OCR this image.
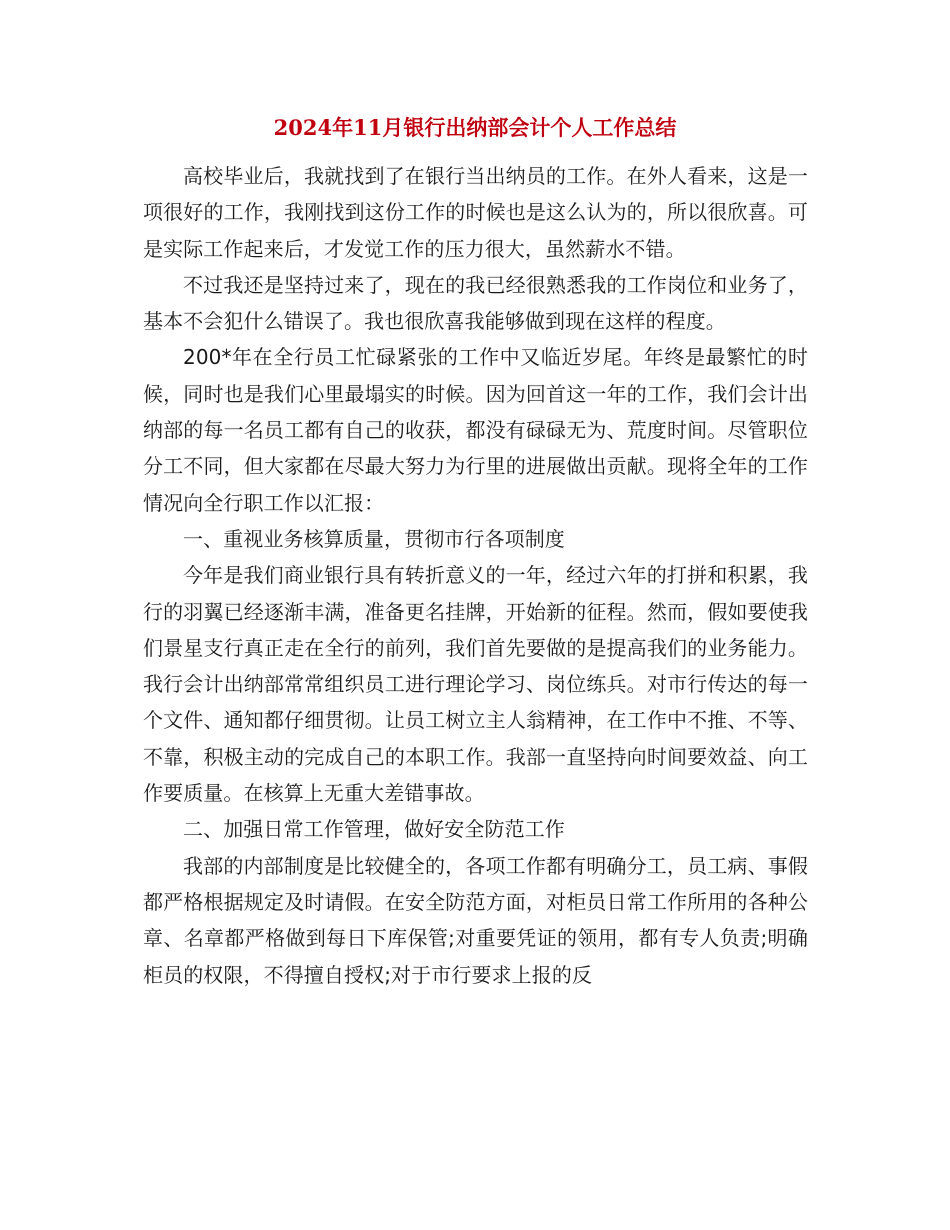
2024年11月银行出纳部会计个人工作总结

高校毕业后，我就找到了在银行当出纳员的工作。在外人看来，这是一项很好的工作，我刚找到这份工作的时候也是这么认为的，所以很欣喜。可是实际工作起来后，才发觉工作的压力很大，虽然薪水不错。

不过我还是坚持过来了，现在的我已经很熟悉我的工作岗位和业务了，基本不会犯什么错误了。我也很欣喜我能够做到现在这样的程度。

200*年在全行员工忙碌紧张的工作中又临近岁尾。年终是最繁忙的时候，同时也是我们心里最塌实的时候。因为回首这一年的工作，我们会计出纳部的每一名员工都有自己的收获，都没有碌碌无为、荒度时间。尽管职位分工不同，但大家都在尽最大努力为行里的进展做出贡献。现将全年的工作情况向全行职工作以汇报：

一、重视业务核算质量，贯彻市行各项制度

今年是我们商业银行具有转折意义的一年，经过六年的打拼和积累，我行的羽翼已经逐渐丰满，准备更名挂牌，开始新的征程。然而，假如要使我们景星支行真正走在全行的前列，我们首先要做的是提高我们的业务能力。我行会计出纳部常常组织员工进行理论学习、岗位练兵。对市行传达的每一个文件、通知都仔细贯彻。让员工树立主人翁精神，在工作中不推、不等、不靠，积极主动的完成自己的本职工作。我部一直坚持向时间要效益、向工作要质量。在核算上无重大差错事故。

二、加强日常工作管理，做好安全防范工作

我部的内部制度是比较健全的，各项工作都有明确分工，员工病、事假都严格根据规定及时请假。在安全防范方面，对柜员日常工作所用的各种公章、名章都严格做到每日下库保管;对重要凭证的领用，都有专人负责;明确柜员的权限，不得擅自授权;对于市行要求上报的反
